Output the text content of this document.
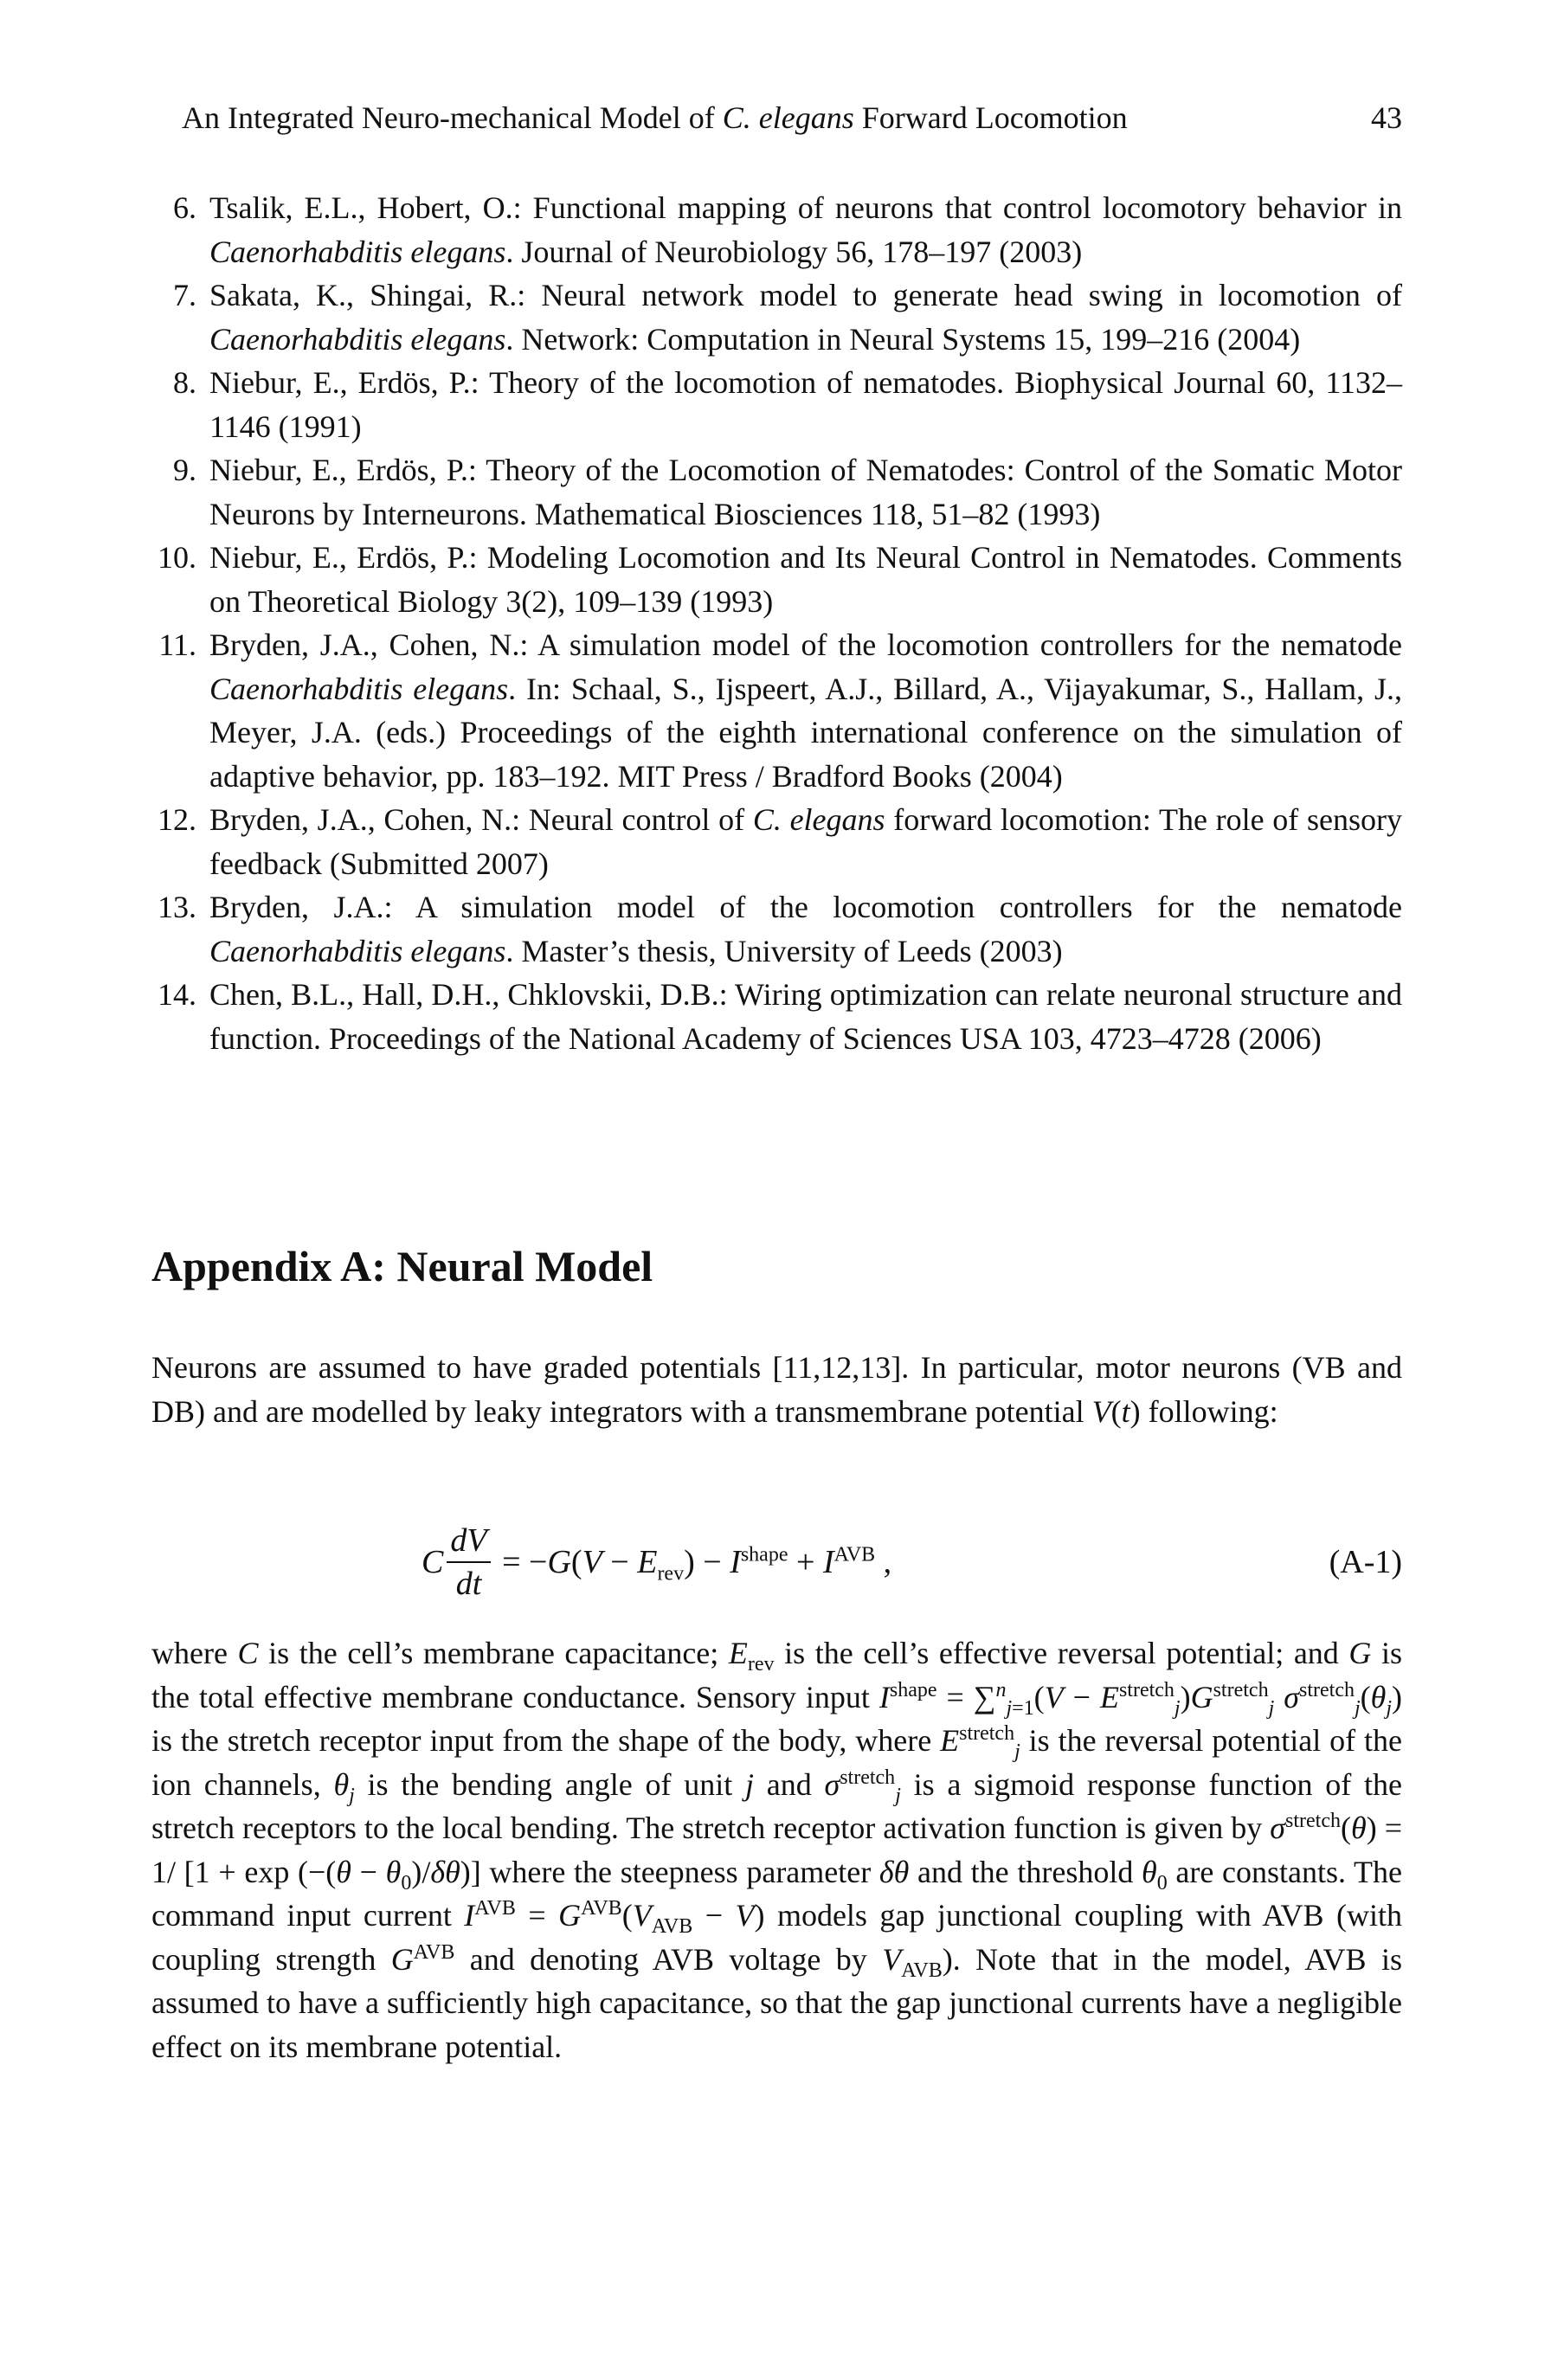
An Integrated Neuro-mechanical Model of C. elegans Forward Locomotion	43
6. Tsalik, E.L., Hobert, O.: Functional mapping of neurons that control locomotory behavior in Caenorhabditis elegans. Journal of Neurobiology 56, 178–197 (2003)
7. Sakata, K., Shingai, R.: Neural network model to generate head swing in locomotion of Caenorhabditis elegans. Network: Computation in Neural Systems 15, 199–216 (2004)
8. Niebur, E., Erdös, P.: Theory of the locomotion of nematodes. Biophysical Journal 60, 1132–1146 (1991)
9. Niebur, E., Erdös, P.: Theory of the Locomotion of Nematodes: Control of the Somatic Motor Neurons by Interneurons. Mathematical Biosciences 118, 51–82 (1993)
10. Niebur, E., Erdös, P.: Modeling Locomotion and Its Neural Control in Nematodes. Comments on Theoretical Biology 3(2), 109–139 (1993)
11. Bryden, J.A., Cohen, N.: A simulation model of the locomotion controllers for the nematode Caenorhabditis elegans. In: Schaal, S., Ijspeert, A.J., Billard, A., Vijayakumar, S., Hallam, J., Meyer, J.A. (eds.) Proceedings of the eighth international conference on the simulation of adaptive behavior, pp. 183–192. MIT Press / Bradford Books (2004)
12. Bryden, J.A., Cohen, N.: Neural control of C. elegans forward locomotion: The role of sensory feedback (Submitted 2007)
13. Bryden, J.A.: A simulation model of the locomotion controllers for the nematode Caenorhabditis elegans. Master’s thesis, University of Leeds (2003)
14. Chen, B.L., Hall, D.H., Chklovskii, D.B.: Wiring optimization can relate neuronal structure and function. Proceedings of the National Academy of Sciences USA 103, 4723–4728 (2006)
Appendix A: Neural Model
Neurons are assumed to have graded potentials [11,12,13]. In particular, motor neurons (VB and DB) and are modelled by leaky integrators with a transmembrane potential V(t) following:
C $\frac{dV}{dt} = -G(V - E_{rev}) - I^{shape} + I^{AVB}$ ,	(A-1)
where C is the cell’s membrane capacitance; $E_{rev}$ is the cell’s effective reversal potential; and G is the total effective membrane conductance. Sensory input $I^{shape} = \sum^n_{j=1}(V - E^{stretch}_j)G^{stretch}_j$ $\sigma^{stretch}_j(\theta_j)$ is the stretch receptor input from the shape of the body, where $E^{stretch}_j$ is the reversal potential of the ion channels, $\theta_j$ is the bending angle of unit j and $\sigma^{stretch}_j$ is a sigmoid response function of the stretch receptors to the local bending. The stretch receptor activation function is given by $\sigma^{stretch}(\theta) = 1/$ $[1 + \exp (-(\theta - \theta_0)/\delta\theta)]$ where the steepness parameter δθ and the threshold $\theta_0$ are constants. The command input current $I^{AVB} = G^{AVB}(V_{AVB} - V)$ models gap junctional coupling with AVB (with coupling strength $G^{AVB}$ and denoting AVB voltage by $V_{AVB}$). Note that in the model, AVB is assumed to have a sufficiently high capacitance, so that the gap junctional currents have a negligible effect on its membrane potential.
